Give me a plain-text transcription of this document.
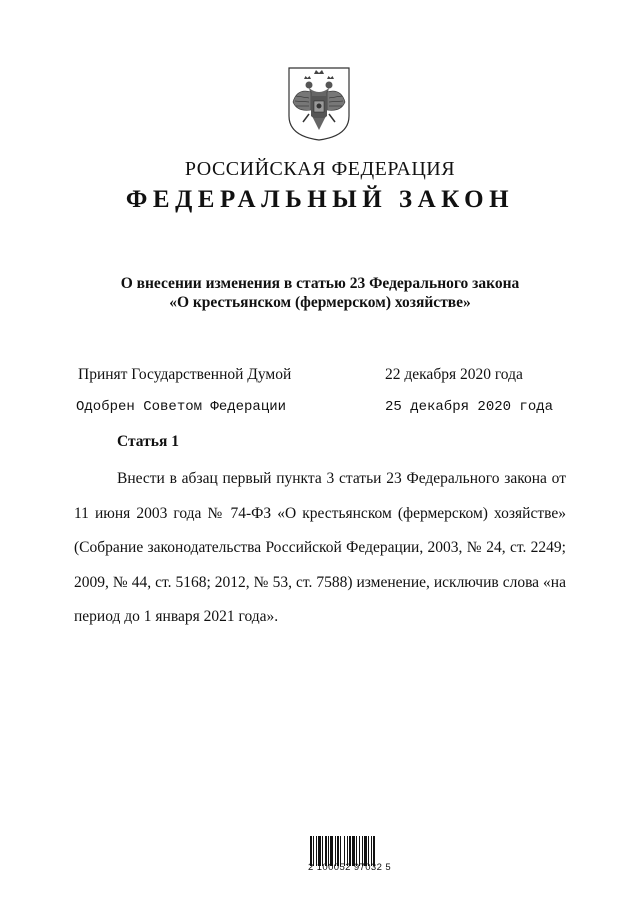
РОССИЙСКАЯ ФЕДЕРАЦИЯ
ФЕДЕРАЛЬНЫЙ ЗАКОН
О внесении изменения в статью 23 Федерального закона
«О крестьянском (фермерском) хозяйстве»
Принят Государственной Думой	22 декабря 2020 года
Одобрен Советом Федерации	25 декабря 2020 года
Статья 1
Внести в абзац первый пункта 3 статьи 23 Федерального закона от 11 июня 2003 года № 74-ФЗ «О крестьянском (фермерском) хозяйстве» (Собрание законодательства Российской Федерации, 2003, № 24, ст. 2249; 2009, № 44, ст. 5168; 2012, № 53, ст. 7588) изменение, исключив слова «на период до 1 января 2021 года».
2 100052 97032 5
